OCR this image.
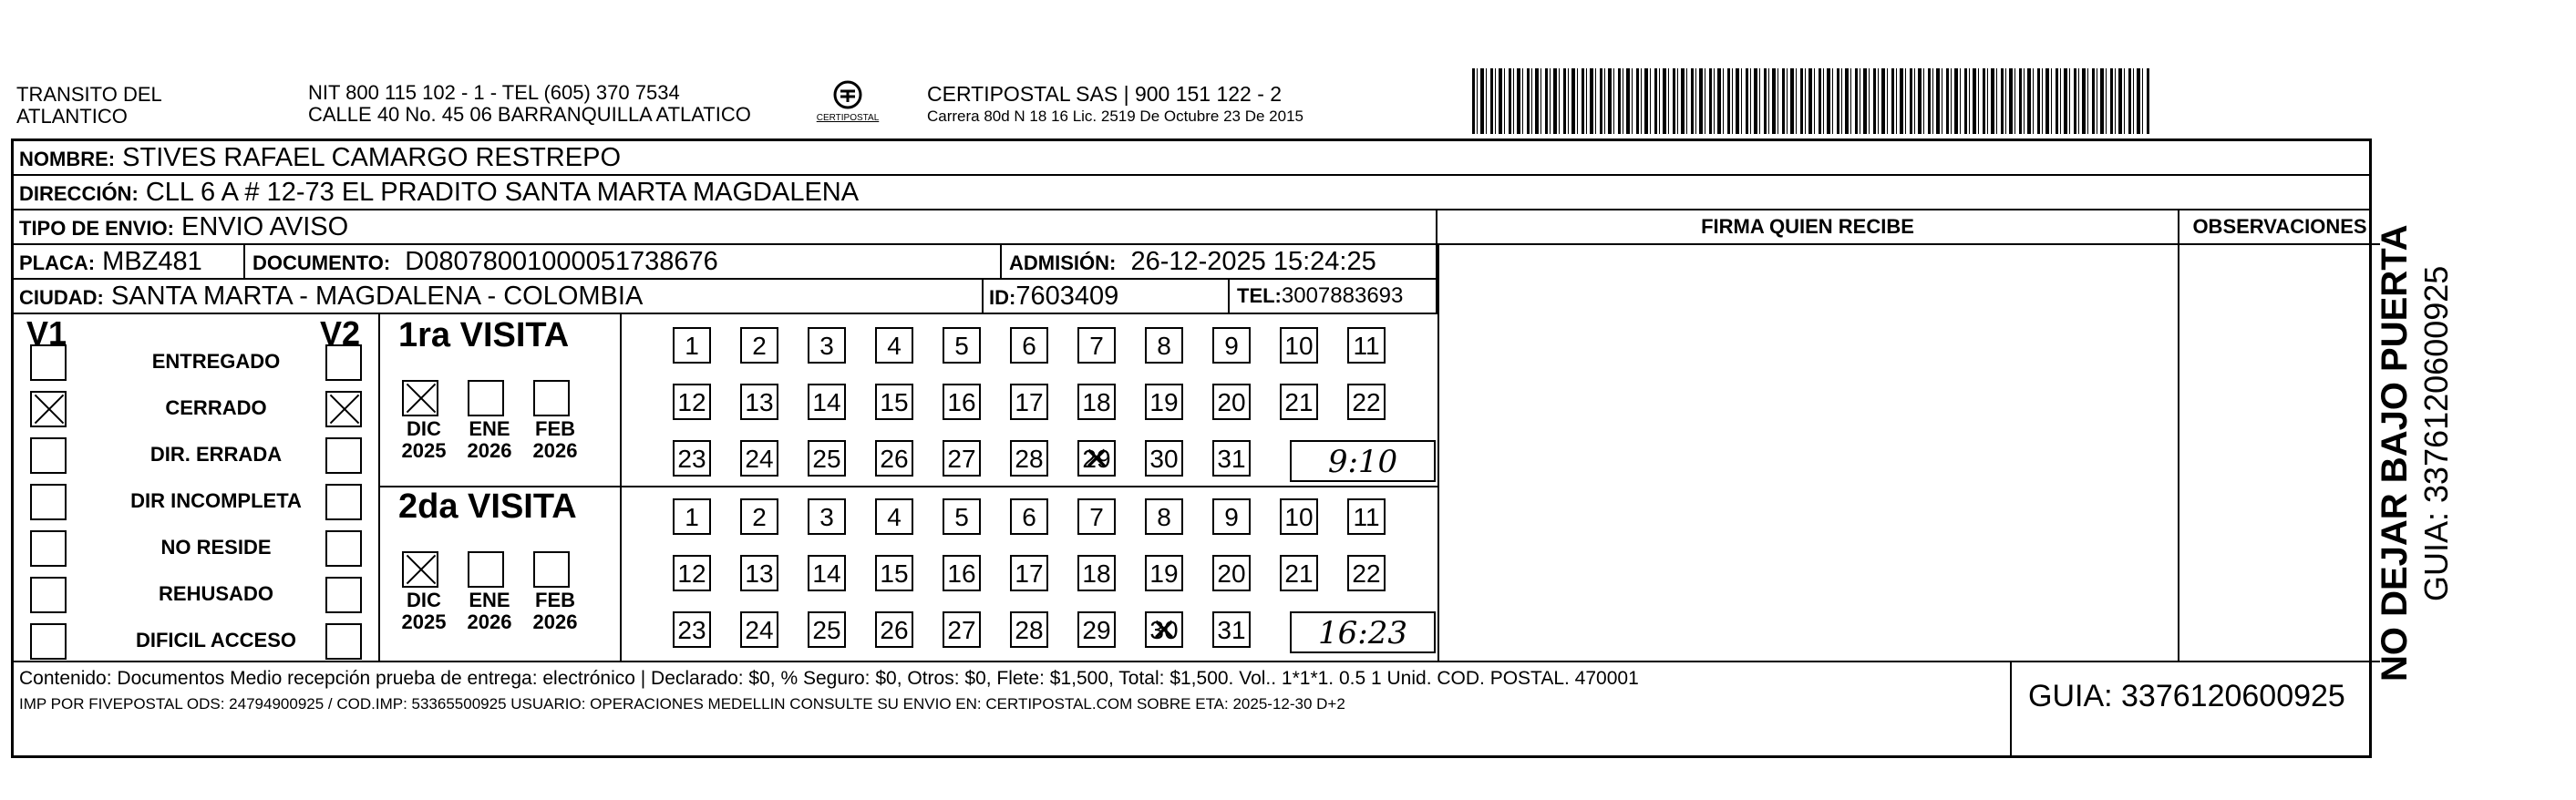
TRANSITO DEL
ATLANTICO
NIT 800 115 102 - 1 - TEL (605) 370 7534
CALLE 40 No. 45 06 BARRANQUILLA ATLATICO	CERTIPOSTAL
CERTIPOSTAL SAS | 900 151 122 - 2
Carrera 80d N 18 16 Lic. 2519 De Octubre 23 De 2015
NOMBRE: STIVES RAFAEL CAMARGO RESTREPO
DIRECCIÓN: CLL 6 A # 12-73 EL PRADITO SANTA MARTA MAGDALENA
TIPO DE ENVIO: ENVIO AVISO	FIRMA QUIEN RECIBE	OBSERVACIONES
PLACA: MBZ481	DOCUMENTO: D08078001000051738676	ADMISIÓN: 26-12-2025 15:24:25
CIUDAD: SANTA MARTA - MAGDALENA - COLOMBIA	ID:7603409	TEL:3007883693
V1	V2
ENTREGADO
CERRADO
DIR. ERRADA
DIR INCOMPLETA
NO RESIDE
REHUSADO
DIFICIL ACCESO
1ra VISITA
DIC
2025
ENE
2026
FEB
2026
1	2	3	4	5	6	7	8	9	10 11
12 13 14 15 16 17 18 19 20 21 22
23 24 25 26 27 28 29 ✕ 30 31	9:10
2da VISITA
DIC
2025
ENE
2026
FEB
2026
1	2	3	4	5	6	7	8	9	10 11
12 13 14 15 16 17 18 19 20 21 22
23 24 25 26 27 28 29 30 ✕ 31	16:23
Contenido: Documentos Medio recepción prueba de entrega: electrónico | Declarado: $0, % Seguro: $0, Otros: $0, Flete: $1,500, Total: $1,500. Vol.. 1*1*1. 0.5 1 Unid. COD. POSTAL. 470001
IMP POR FIVEPOSTAL ODS: 24794900925 / COD.IMP: 53365500925 USUARIO: OPERACIONES MEDELLIN CONSULTE SU ENVIO EN: CERTIPOSTAL.COM SOBRE ETA: 2025-12-30 D+2	GUIA: 3376120600925
NO DEJAR BAJO PUERTA GUIA: 3376120600925
